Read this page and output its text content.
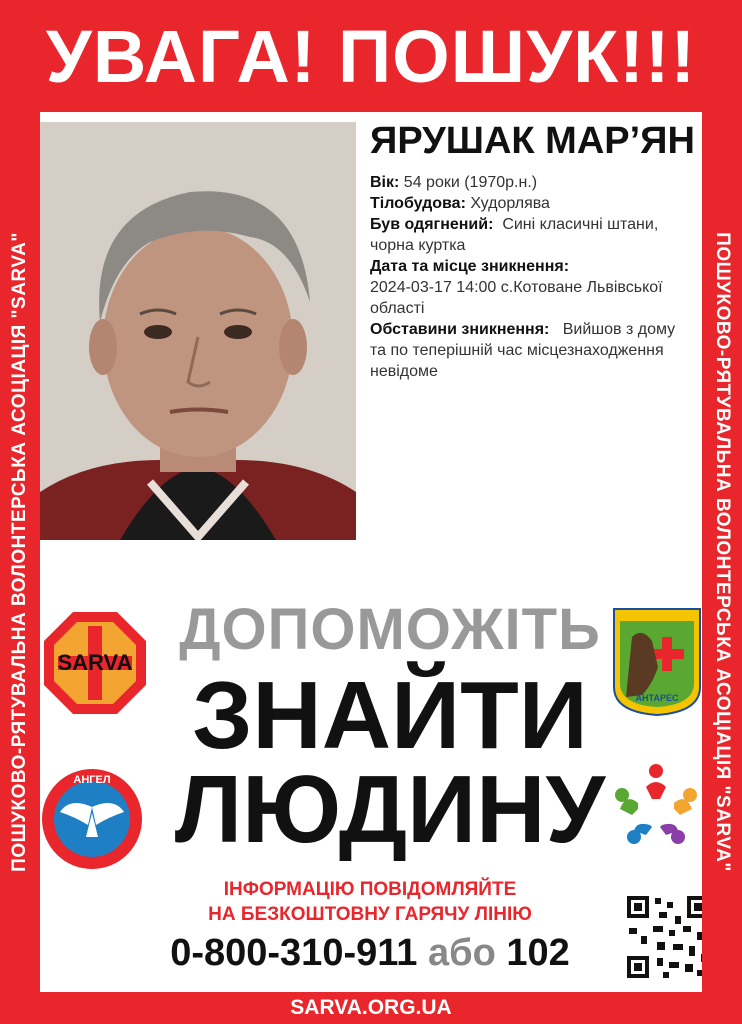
УВАГА! ПОШУК!!!
ПОШУКОВО-РЯТУВАЛЬНА ВОЛОНТЕРСЬКА АСОЦІАЦІЯ "SARVA"	ПОШУКОВО-РЯТУВАЛЬНА ВОЛОНТЕРСЬКА АСОЦІАЦІЯ "SARVA"
ЯРУШАК МАР’ЯН

Вік: 54 роки (1970р.н.)

Тілобудова: Худорлява

Був одягнений: Сині класичні штани, чорна куртка

Дата та місце зникнення:
2024-03-17 14:00 с.Котоване Львівської області

Обставини зникнення: Вийшов з дому та по теперішній час місцезнаходження невідоме

ДОПОМОЖІТЬ
ЗНАЙТИ
ЛЮДИНУ
SARVA
АНГЕЛ
АНТАРЕС
ІНФОРМАЦІЮ ПОВІДОМЛЯЙТЕ
НА БЕЗКОШТОВНУ ГАРЯЧУ ЛІНІЮ
0-800-310-911 або 102
SARVA.ORG.UA
